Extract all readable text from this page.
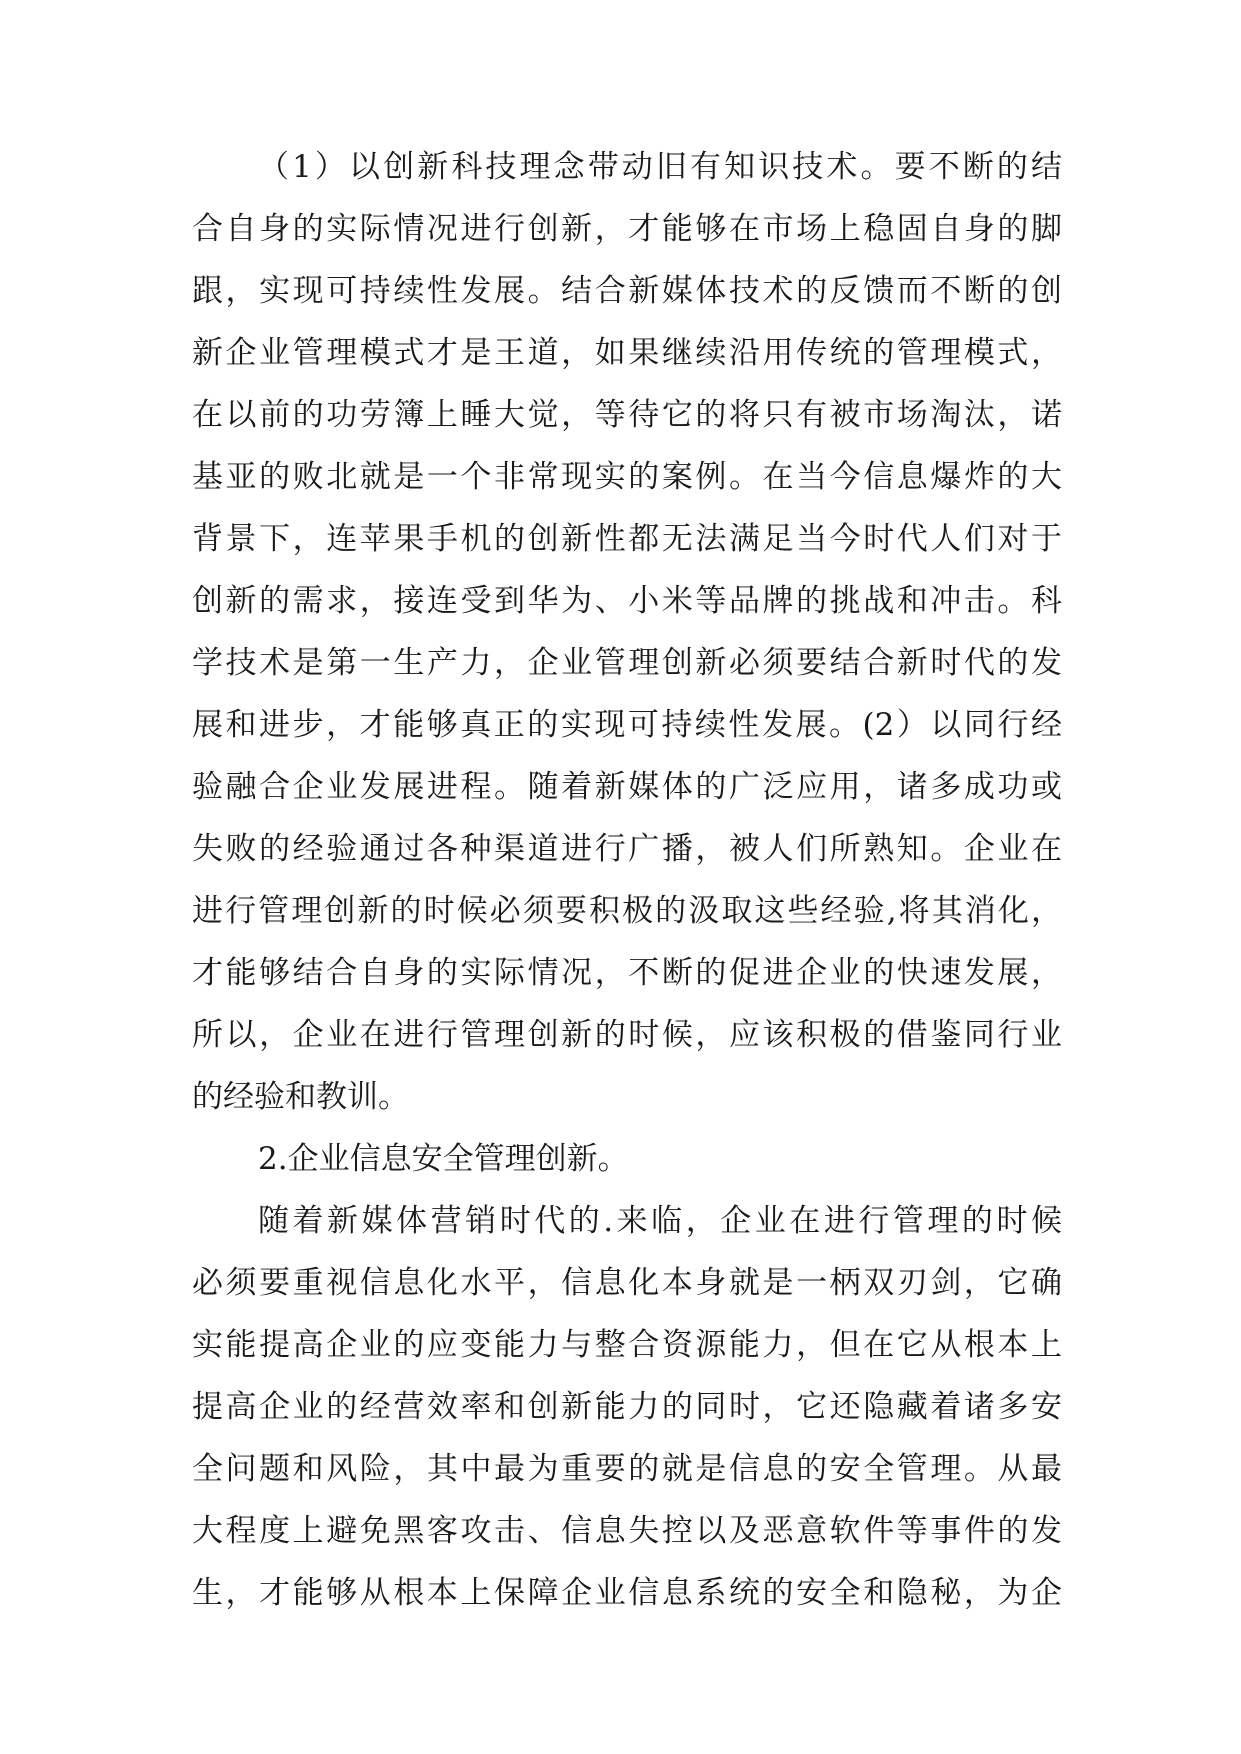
（1）以创新科技理念带动旧有知识技术。要不断的结
合自身的实际情况进行创新，才能够在市场上稳固自身的脚
跟，实现可持续性发展。结合新媒体技术的反馈而不断的创
新企业管理模式才是王道，如果继续沿用传统的管理模式，
在以前的功劳簿上睡大觉，等待它的将只有被市场淘汰，诺
基亚的败北就是一个非常现实的案例。在当今信息爆炸的大
背景下，连苹果手机的创新性都无法满足当今时代人们对于
创新的需求，接连受到华为、小米等品牌的挑战和冲击。科
学技术是第一生产力，企业管理创新必须要结合新时代的发
展和进步，才能够真正的实现可持续性发展。(2）以同行经
验融合企业发展进程。随着新媒体的广泛应用，诸多成功或
失败的经验通过各种渠道进行广播，被人们所熟知。企业在
进行管理创新的时候必须要积极的汲取这些经验,将其消化，
才能够结合自身的实际情况，不断的促进企业的快速发展，
所以，企业在进行管理创新的时候，应该积极的借鉴同行业
的经验和教训。
2.企业信息安全管理创新。
随着新媒体营销时代的.来临，企业在进行管理的时候
必须要重视信息化水平，信息化本身就是一柄双刃剑，它确
实能提高企业的应变能力与整合资源能力，但在它从根本上
提高企业的经营效率和创新能力的同时，它还隐藏着诸多安
全问题和风险，其中最为重要的就是信息的安全管理。从最
大程度上避免黑客攻击、信息失控以及恶意软件等事件的发
生，才能够从根本上保障企业信息系统的安全和隐秘，为企
